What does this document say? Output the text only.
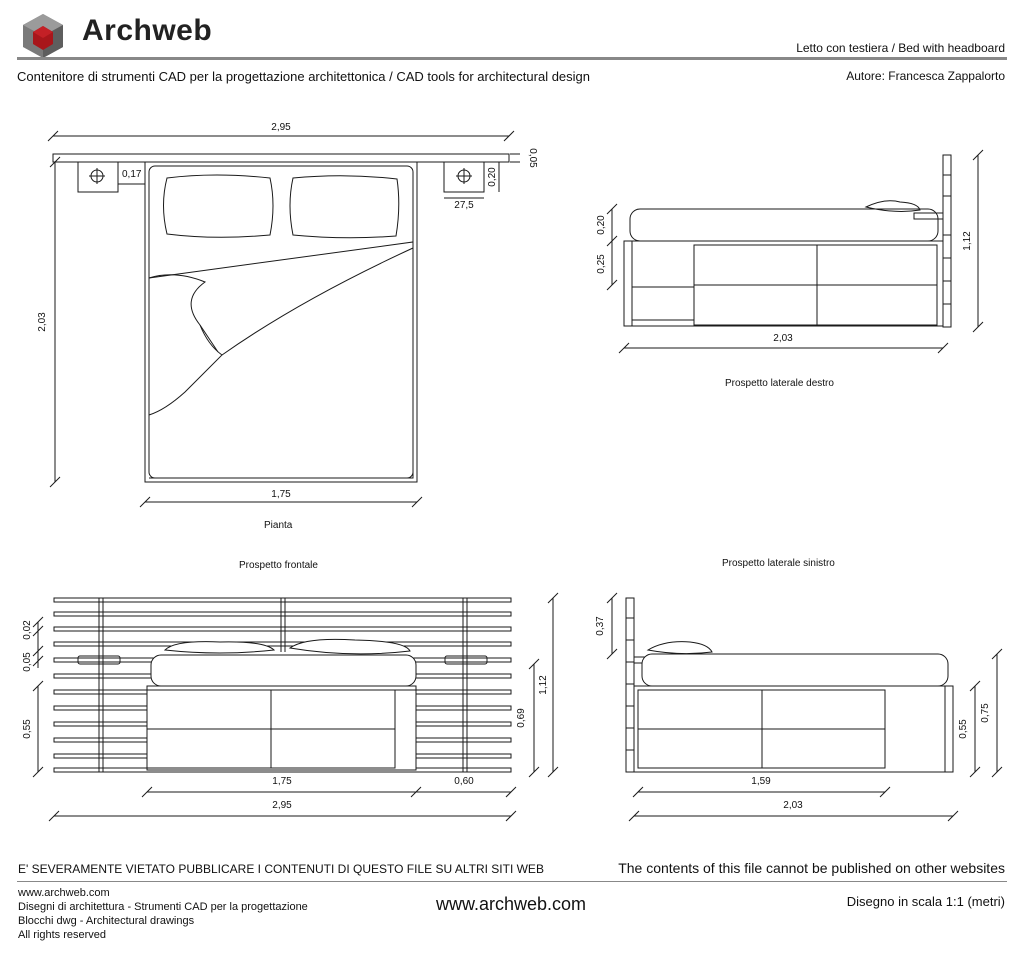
Archweb
Letto con testiera / Bed with headboard
Contenitore di strumenti CAD per la progettazione architettonica / CAD tools for architectural design	Autore: Francesca Zappalorto
2,95
0,05
0,17	0,20
27,5
2,03
1,75
0,20
0,25
1,12
2,03
0,02
0,05
0,55
1,12
0,69
1,75	0,60
2,95
0,37
0,55
0,75
1,59
2,03
Pianta
Prospetto laterale destro
Prospetto frontale	Prospetto laterale sinistro
E' SEVERAMENTE VIETATO PUBBLICARE I CONTENUTI DI QUESTO FILE SU ALTRI SITI WEB	The contents of this file cannot be published on other websites
www.archweb.com
Disegni di architettura - Strumenti CAD per la progettazione
Blocchi dwg - Architectural drawings
All rights reserved
www.archweb.com	Disegno in scala 1:1 (metri)
